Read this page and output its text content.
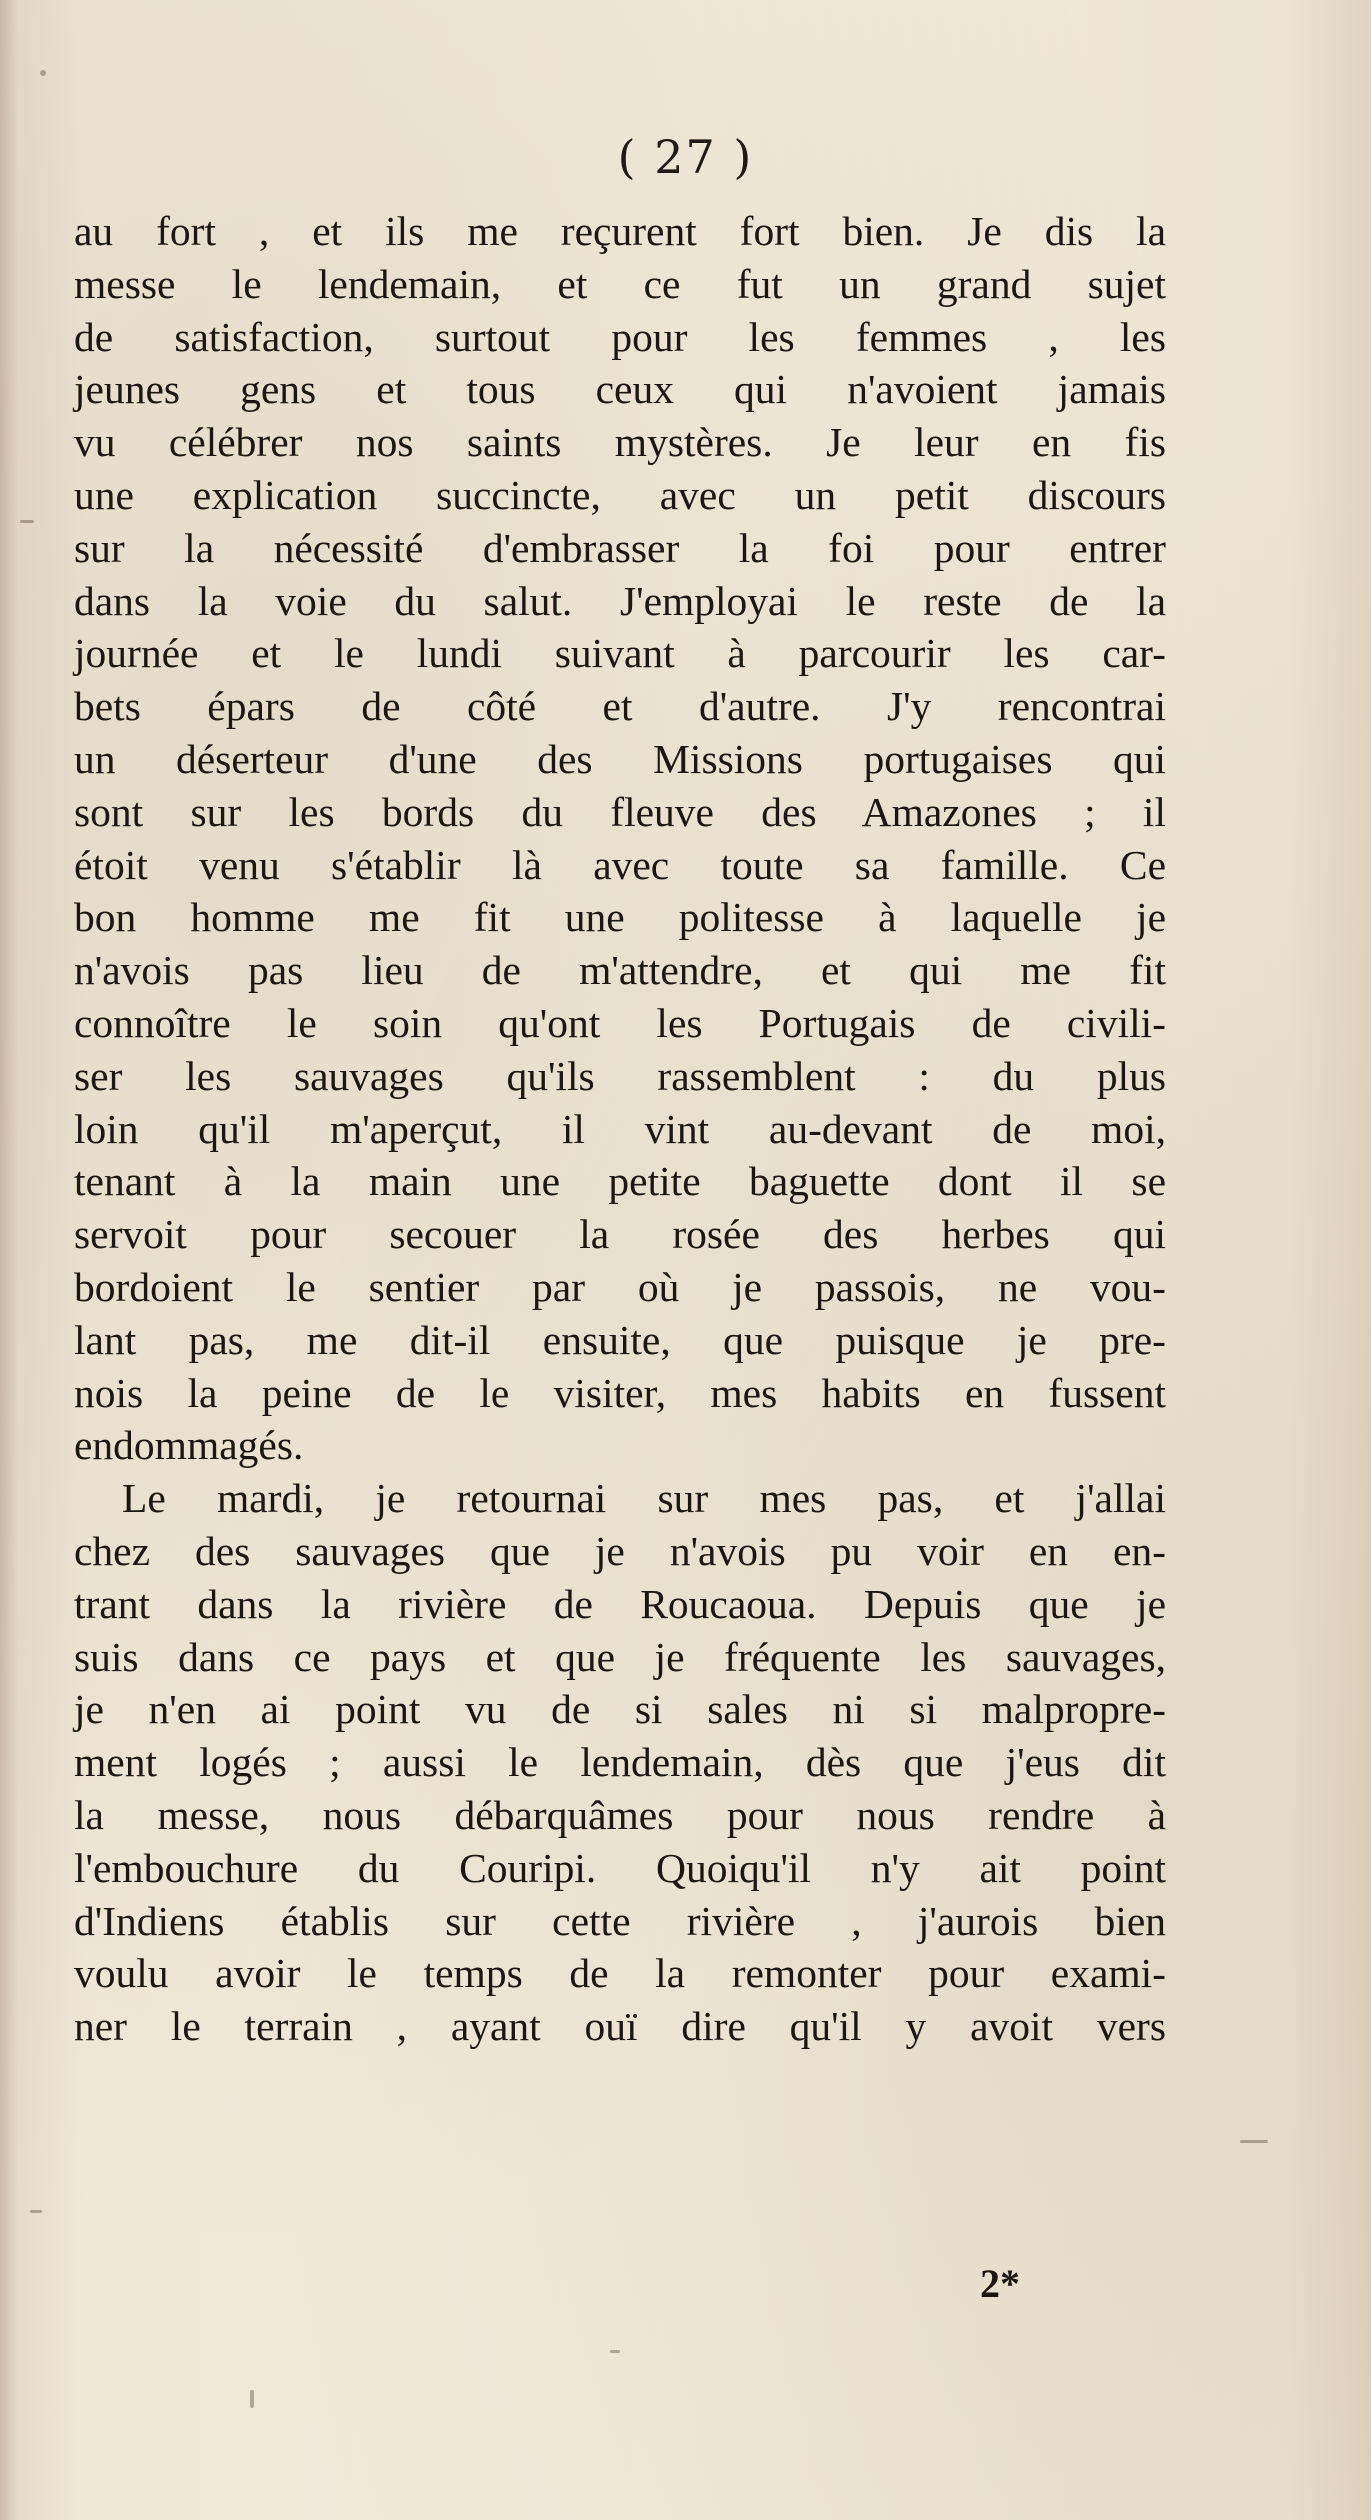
( 27 )
au fort , et ils me reçurent fort bien. Je dis la
messe le lendemain, et ce fut un grand sujet
de satisfaction, surtout pour les femmes , les
jeunes gens et tous ceux qui n'avoient jamais
vu célébrer nos saints mystères. Je leur en fis
une explication succincte, avec un petit discours
sur la nécessité d'embrasser la foi pour entrer
dans la voie du salut. J'employai le reste de la
journée et le lundi suivant à parcourir les car-
bets épars de côté et d'autre. J'y rencontrai
un déserteur d'une des Missions portugaises qui
sont sur les bords du fleuve des Amazones ; il
étoit venu s'établir là avec toute sa famille. Ce
bon homme me fit une politesse à laquelle je
n'avois pas lieu de m'attendre, et qui me fit
connoître le soin qu'ont les Portugais de civili-
ser les sauvages qu'ils rassemblent : du plus
loin qu'il m'aperçut, il vint au-devant de moi,
tenant à la main une petite baguette dont il se
servoit pour secouer la rosée des herbes qui
bordoient le sentier par où je passois, ne vou-
lant pas, me dit-il ensuite, que puisque je pre-
nois la peine de le visiter, mes habits en fussent
endommagés.
Le mardi, je retournai sur mes pas, et j'allai
chez des sauvages que je n'avois pu voir en en-
trant dans la rivière de Roucaoua. Depuis que je
suis dans ce pays et que je fréquente les sauvages,
je n'en ai point vu de si sales ni si malpropre-
ment logés ; aussi le lendemain, dès que j'eus dit
la messe, nous débarquâmes pour nous rendre à
l'embouchure du Couripi. Quoiqu'il n'y ait point
d'Indiens établis sur cette rivière , j'aurois bien
voulu avoir le temps de la remonter pour exami-
ner le terrain , ayant ouï dire qu'il y avoit vers
2*
